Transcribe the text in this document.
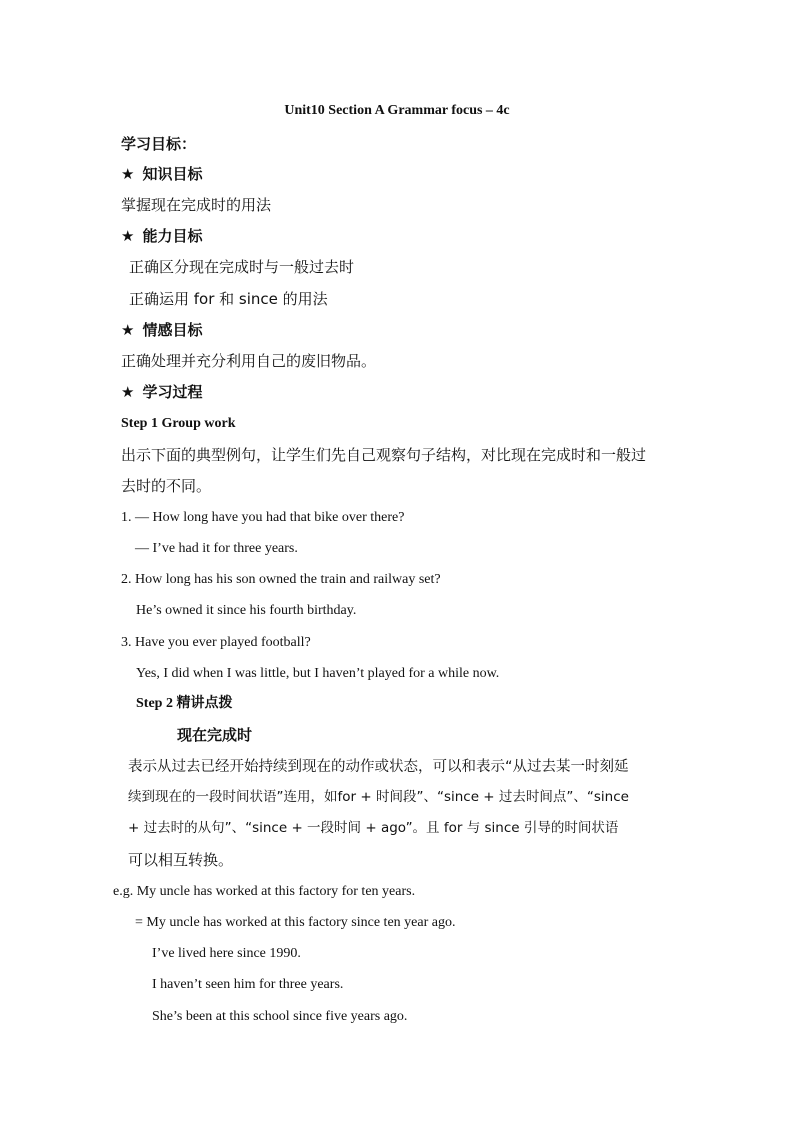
Unit10 Section A Grammar focus – 4c
学习目标：
★ 知识目标
掌握现在完成时的用法
★ 能力目标
正确区分现在完成时与一般过去时
正确运用 for 和 since 的用法
★ 情感目标
正确处理并充分利用自己的废旧物品。
★ 学习过程
Step 1 Group work
出示下面的典型例句，让学生们先自己观察句子结构，对比现在完成时和一般过
去时的不同。
1. — How long have you had that bike over there?
— I’ve had it for three years.
2. How long has his son owned the train and railway set?
He’s owned it since his fourth birthday.
3. Have you ever played football?
Yes, I did when I was little, but I haven’t played for a while now.
Step 2 精讲点拨
现在完成时
表示从过去已经开始持续到现在的动作或状态，可以和表示“从过去某一时刻延
续到现在的一段时间状语”连用，如for + 时间段”、“since + 过去时间点”、“since
+ 过去时的从句”、“since + 一段时间 + ago”。且 for 与 since 引导的时间状语
可以相互转换。
e.g. My uncle has worked at this factory for ten years.
= My uncle has worked at this factory since ten year ago.
I’ve lived here since 1990.
I haven’t seen him for three years.
She’s been at this school since five years ago.
